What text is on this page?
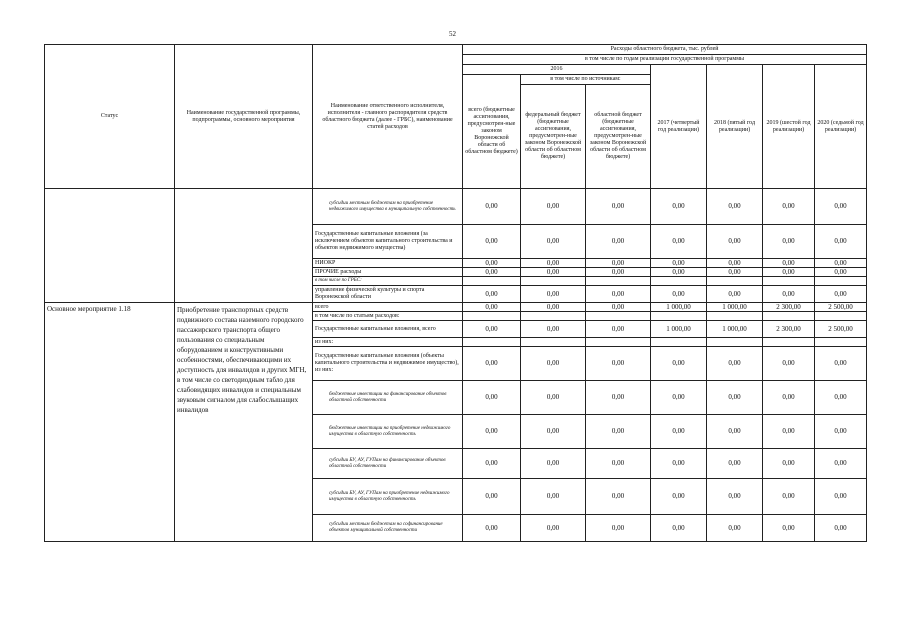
52
Статус	Наименование государственной программы, подпрограммы, основного мероприятия	Наименование ответственного исполнителя, исполнителя - главного распорядителя средств областного бюджета (далее - ГРБС), наименование статей расходов	Расходы областного бюджета, тыс. рублей						
			в том числе по годам реализации государственной программы						
			2016			2017 (четвертый год реализации)	2018 (пятый год реализации)	2019 (шестой год реализации)	2020 (седьмой год реализации)
			всего (бюджетные ассигнования, предусмотрен-ные законом Воронежской области об областном бюджете)	в том числе по источникам:					
				федеральный бюджет (бюджетные ассигнования, предусмотрен-ные законом Воронежской области об областном бюджете)	областной бюджет (бюджетные ассигнования, предусмотрен-ные законом Воронежской области об областном бюджете)				
		субсидии местным бюджетам на приобретение недвижимого имущества в муниципальную собственность	0,00	0,00	0,00	0,00	0,00	0,00	0,00
		Государственные капитальные вложения (за исключением объектов капитального строительства и объектов недвижимого имущества)	0,00	0,00	0,00	0,00	0,00	0,00	0,00
		НИОКР	0,00	0,00	0,00	0,00	0,00	0,00	0,00
		ПРОЧИЕ расходы	0,00	0,00	0,00	0,00	0,00	0,00	0,00
		в том числе по ГРБС:							
		управление физической культуры и спорта Воронежской области	0,00	0,00	0,00	0,00	0,00	0,00	0,00
Основное мероприятие 1.18	Приобретение транспортных средств подвижного состава наземного городского пассажирского транспорта общего пользования со специальным оборудованием и конструктивными особенностями, обеспечивающими их доступность для инвалидов и других МГН, в том числе со светодиодным табло для слабовидящих инвалидов и специальным звуковым сигналом для слабослышащих инвалидов	всего	0,00	0,00	0,00	1 000,00	1 000,00	2 300,00	2 500,00
		в том числе по статьям расходов:							
		Государственные капитальные вложения, всего	0,00	0,00	0,00	1 000,00	1 000,00	2 300,00	2 500,00
		из них:							
		Государственные капитальные вложения (объекты капитального строительства и недвижимое имущество), из них:	0,00	0,00	0,00	0,00	0,00	0,00	0,00
		бюджетные инвестиции на финансирование объектов областной собственности	0,00	0,00	0,00	0,00	0,00	0,00	0,00
		бюджетные инвестиции на приобретение недвижимого имущества в областную собственность	0,00	0,00	0,00	0,00	0,00	0,00	0,00
		субсидии БУ, АУ, ГУПам на финансирование объектов областной собственности	0,00	0,00	0,00	0,00	0,00	0,00	0,00
		субсидии БУ, АУ, ГУПам на приобретение недвижимого имущества в областную собственность	0,00	0,00	0,00	0,00	0,00	0,00	0,00
		субсидии местным бюджетам на софинансирование объектов муниципальной собственности	0,00	0,00	0,00	0,00	0,00	0,00	0,00
